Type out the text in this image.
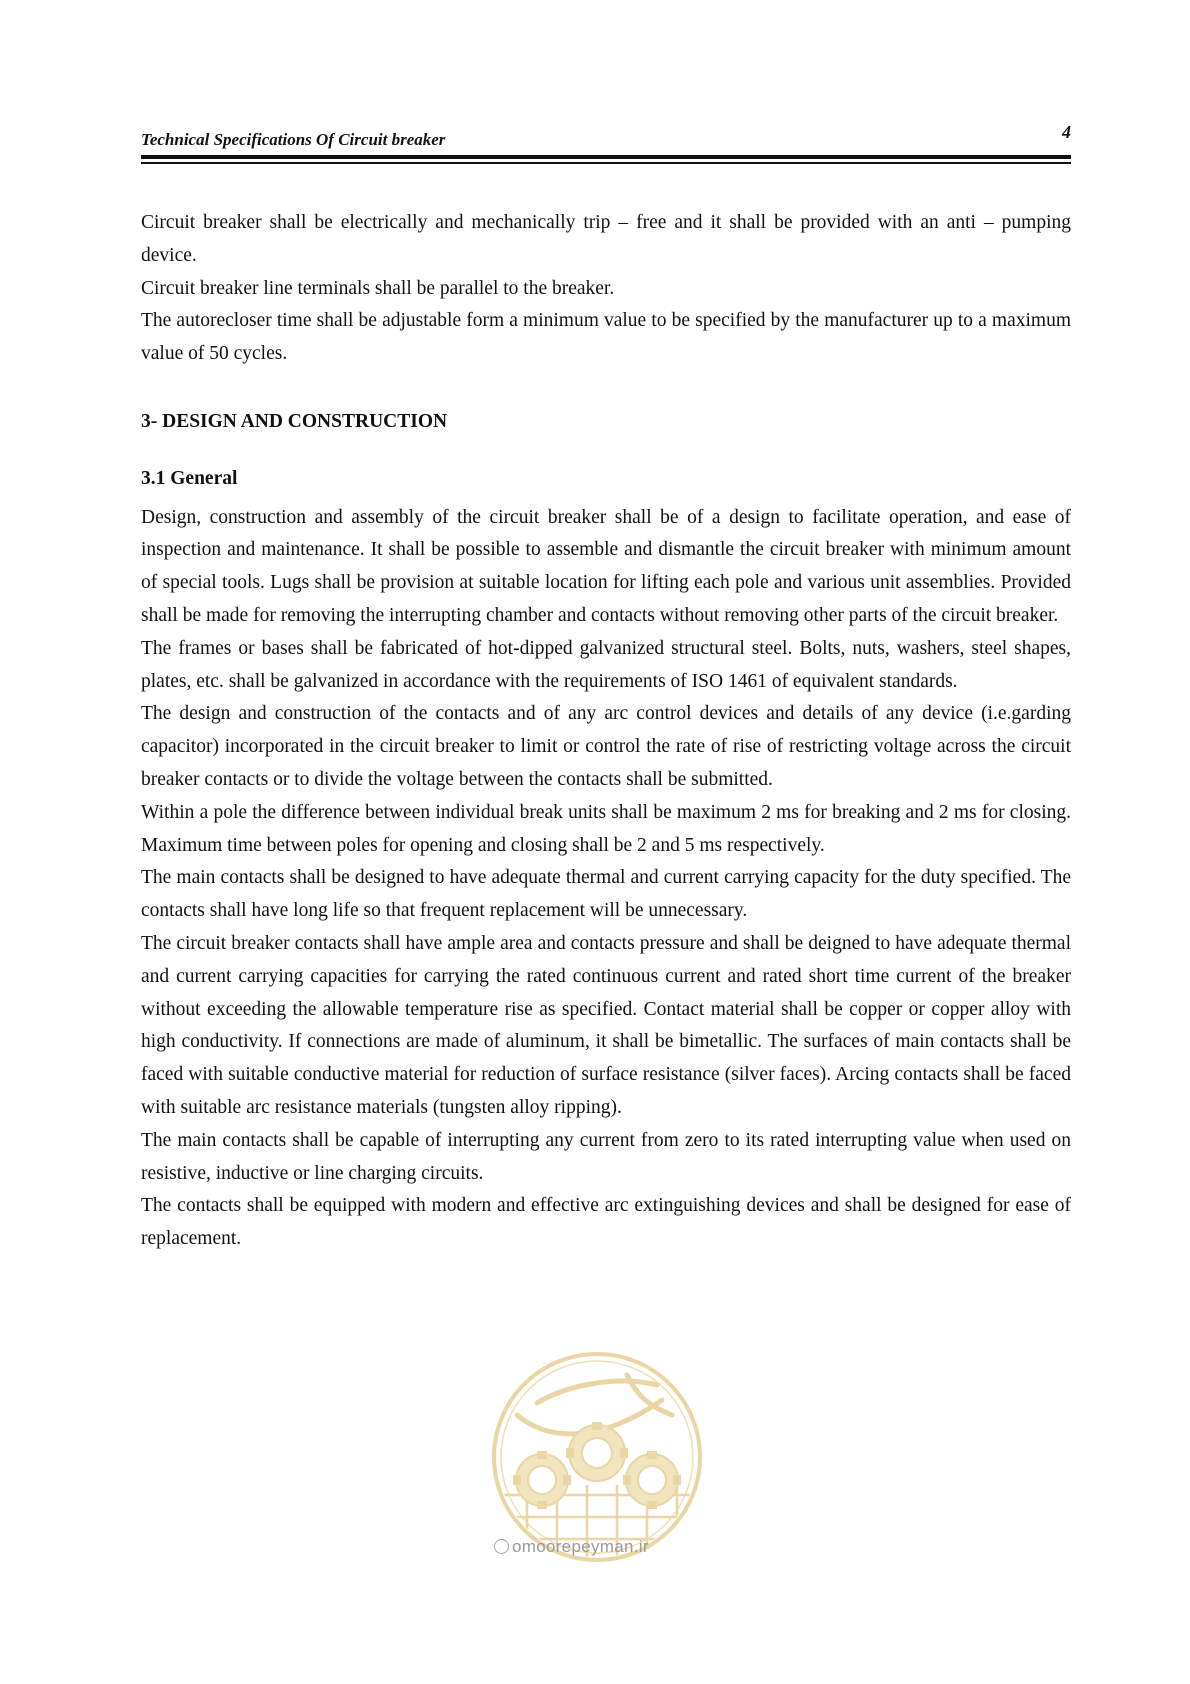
Technical Specifications Of Circuit breaker	4

Circuit breaker shall be electrically and mechanically trip – free and it shall be provided with an anti – pumping device.

Circuit breaker line terminals shall be parallel to the breaker.

The autorecloser time shall be adjustable form a minimum value to be specified by the manufacturer up to a maximum value of 50 cycles.

3- DESIGN AND CONSTRUCTION

3.1 General

Design, construction and assembly of the circuit breaker shall be of a design to facilitate operation, and ease of inspection and maintenance. It shall be possible to assemble and dismantle the circuit breaker with minimum amount of special tools. Lugs shall be provision at suitable location for lifting each pole and various unit assemblies. Provided shall be made for removing the interrupting chamber and contacts without removing other parts of the circuit breaker.

The frames or bases shall be fabricated of hot-dipped galvanized structural steel. Bolts, nuts, washers, steel shapes, plates, etc. shall be galvanized in accordance with the requirements of ISO 1461 of equivalent standards.

The design and construction of the contacts and of any arc control devices and details of any device (i.e.garding capacitor) incorporated in the circuit breaker to limit or control the rate of rise of restricting voltage across the circuit breaker contacts or to divide the voltage between the contacts shall be submitted.

Within a pole the difference between individual break units shall be maximum 2 ms for breaking and 2 ms for closing. Maximum time between poles for opening and closing shall be 2 and 5 ms respectively.

The main contacts shall be designed to have adequate thermal and current carrying capacity for the duty specified. The contacts shall have long life so that frequent replacement will be unnecessary.

The circuit breaker contacts shall have ample area and contacts pressure and shall be deigned to have adequate thermal and current carrying capacities for carrying the rated continuous current and rated short time current of the breaker without exceeding the allowable temperature rise as specified. Contact material shall be copper or copper alloy with high conductivity. If connections are made of aluminum, it shall be bimetallic. The surfaces of main contacts shall be faced with suitable conductive material for reduction of surface resistance (silver faces). Arcing contacts shall be faced with suitable arc resistance materials (tungsten alloy ripping).

The main contacts shall be capable of interrupting any current from zero to its rated interrupting value when used on resistive, inductive or line charging circuits.

The contacts shall be equipped with modern and effective arc extinguishing devices and shall be designed for ease of replacement.

omoorepeyman.ir
